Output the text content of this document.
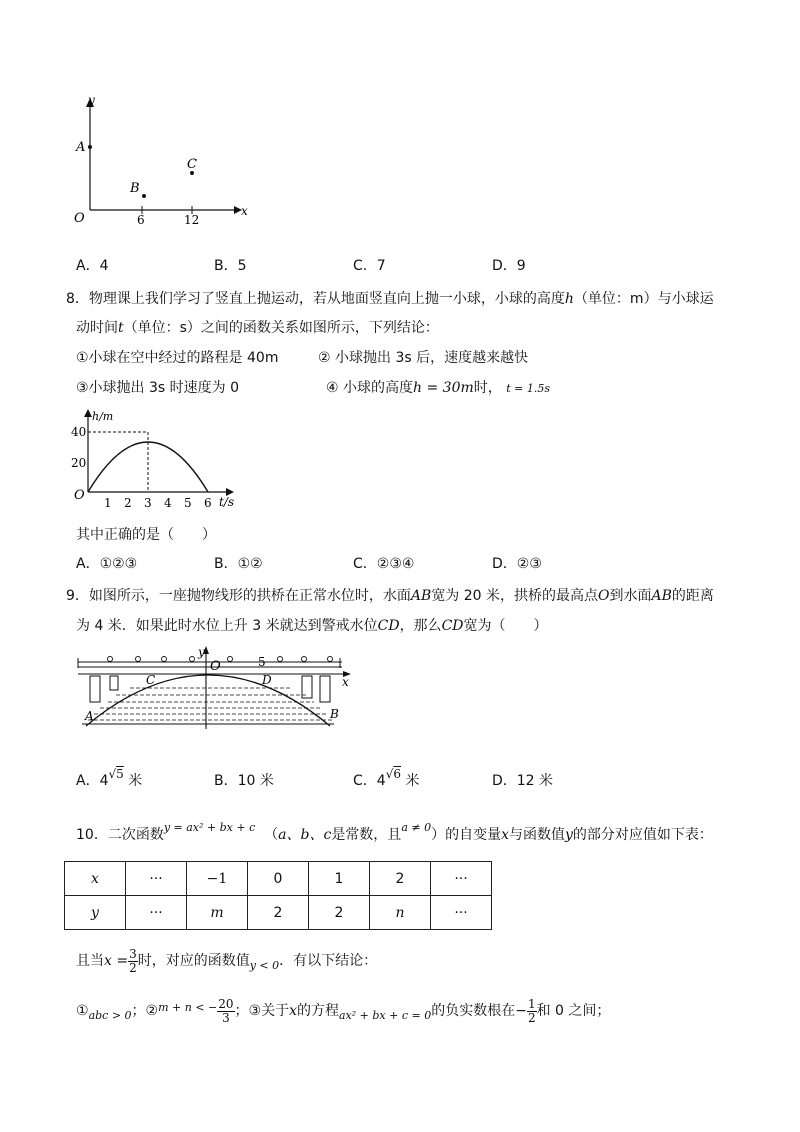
y
x
O
A
B
C
6	12
A．4	B．5	C．7	D．9
8．物理课上我们学习了竖直上抛运动，若从地面竖直向上抛一小球，小球的高度h（单位：m）与小球运
动时间t（单位：s）之间的函数关系如图所示，下列结论：
①小球在空中经过的路程是 40m	② 小球抛出 3s 后，速度越来越快
③小球抛出 3s 时速度为 0	④ 小球的高度h = 30m时， t = 1.5s
h/m
t/s
O
40
20
1 2 3 4 5 6
其中正确的是（　　）
A．①②③	B．①②	C．②③④	D．②③
9．如图所示，一座抛物线形的拱桥在正常水位时，水面AB宽为 20 米，拱桥的最高点O到水面AB的距离
为 4 米．如果此时水位上升 3 米就达到警戒水位CD，那么CD宽为（　　）
y
O	5
x
C	D
A	B
A．4√5 米	B．10 米	C．4√6 米	D．12 米
10．二次函数$^{y = ax^2 + bx + c}$ （a、b、c是常数，且$^{a \ne 0}$）的自变量x与函数值y的部分对应值如下表：
x	···	−1	0	1	2	···
y	···	m	2	2	n	···
且当$x = \frac{3}{2}$ 时，对应的函数值$_{y < 0}$．有以下结论：
$①_{abc > 0}$；②$^{m + n < -}$ $\frac{20}{3}$ ；③关于x的方程$_{ax^2 + bx + c = 0}$的负实数根在− $\frac{1}{2}$ 和 0 之间；
